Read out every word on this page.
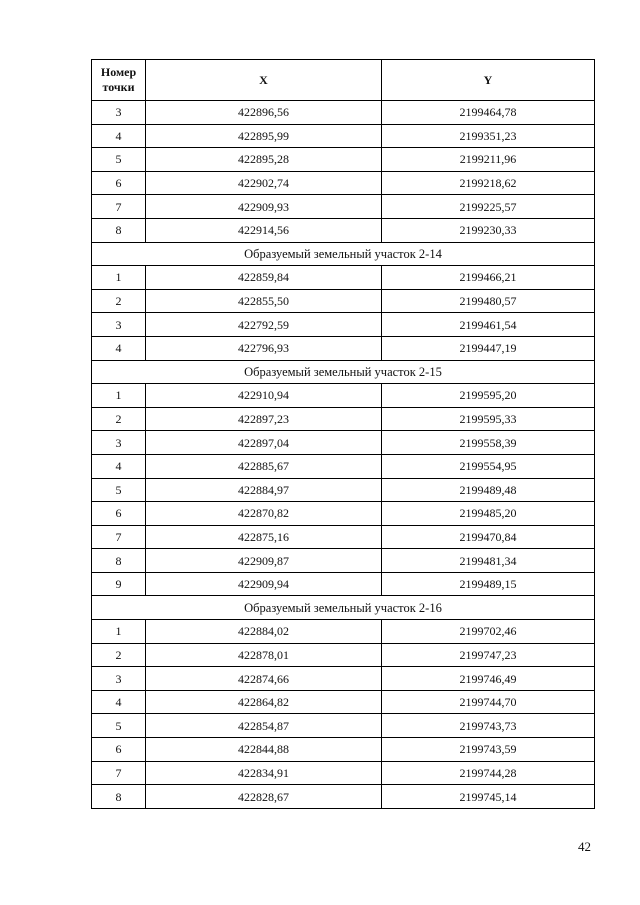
Номер точки	X	Y
3	422896,56	2199464,78
4	422895,99	2199351,23
5	422895,28	2199211,96
6	422902,74	2199218,62
7	422909,93	2199225,57
8	422914,56	2199230,33
Образуемый земельный участок 2-14		
1	422859,84	2199466,21
2	422855,50	2199480,57
3	422792,59	2199461,54
4	422796,93	2199447,19
Образуемый земельный участок 2-15		
1	422910,94	2199595,20
2	422897,23	2199595,33
3	422897,04	2199558,39
4	422885,67	2199554,95
5	422884,97	2199489,48
6	422870,82	2199485,20
7	422875,16	2199470,84
8	422909,87	2199481,34
9	422909,94	2199489,15
Образуемый земельный участок 2-16		
1	422884,02	2199702,46
2	422878,01	2199747,23
3	422874,66	2199746,49
4	422864,82	2199744,70
5	422854,87	2199743,73
6	422844,88	2199743,59
7	422834,91	2199744,28
8	422828,67	2199745,14
42
